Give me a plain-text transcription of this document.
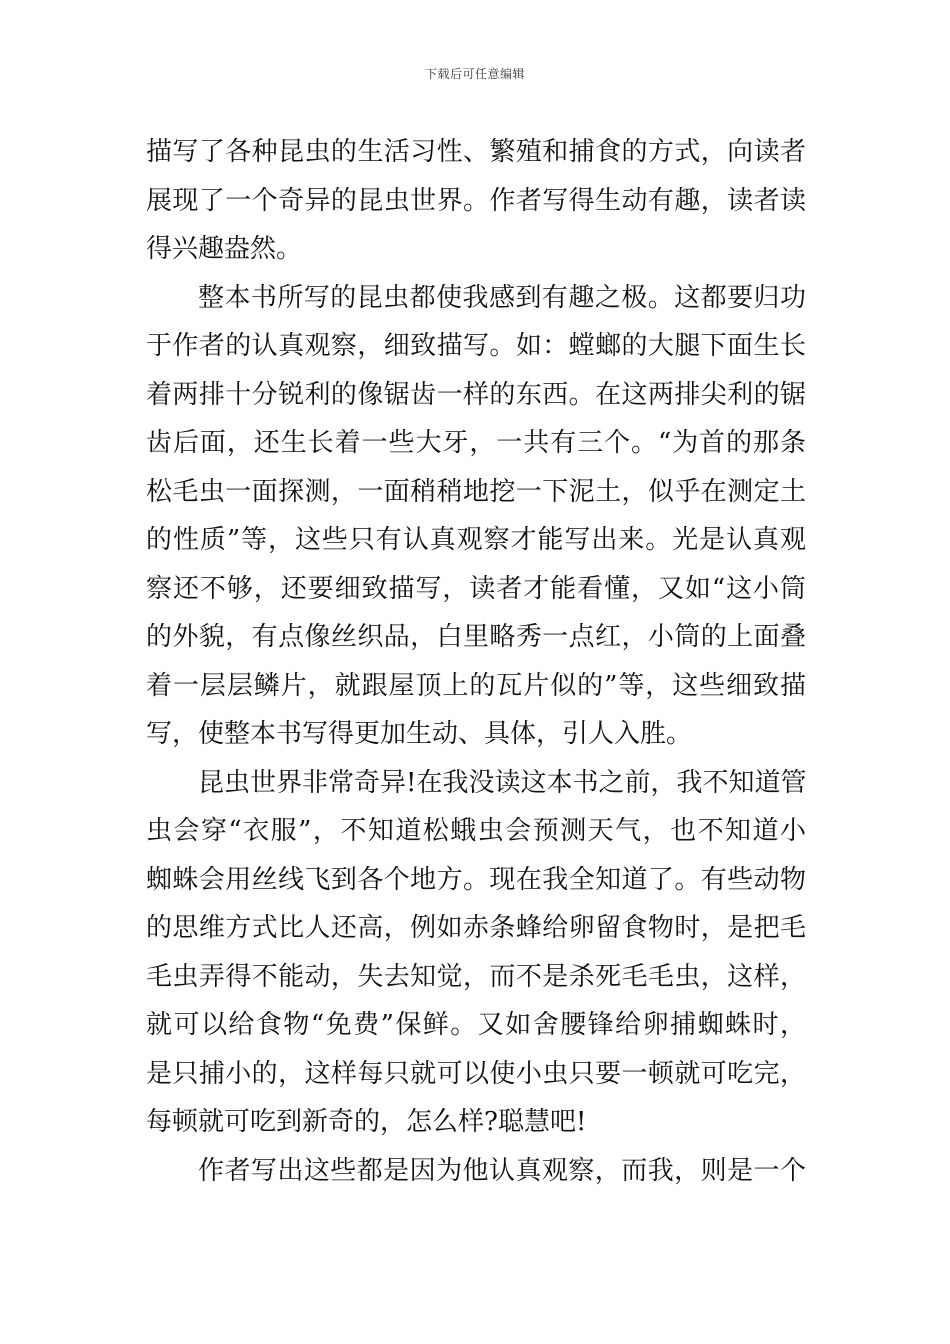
下载后可任意编辑
描写了各种昆虫的生活习性、繁殖和捕食的方式，向读者
展现了一个奇异的昆虫世界。作者写得生动有趣，读者读
得兴趣盎然。
整本书所写的昆虫都使我感到有趣之极。这都要归功
于作者的认真观察，细致描写。如：螳螂的大腿下面生长
着两排十分锐利的像锯齿一样的东西。在这两排尖利的锯
齿后面，还生长着一些大牙，一共有三个。“为首的那条
松毛虫一面探测，一面稍稍地挖一下泥土，似乎在测定土
的性质”等，这些只有认真观察才能写出来。光是认真观
察还不够，还要细致描写，读者才能看懂，又如“这小筒
的外貌，有点像丝织品，白里略秀一点红，小筒的上面叠
着一层层鳞片，就跟屋顶上的瓦片似的”等，这些细致描
写，使整本书写得更加生动、具体，引人入胜。
昆虫世界非常奇异!在我没读这本书之前，我不知道管
虫会穿“衣服”，不知道松蛾虫会预测天气，也不知道小
蜘蛛会用丝线飞到各个地方。现在我全知道了。有些动物
的思维方式比人还高，例如赤条蜂给卵留食物时，是把毛
毛虫弄得不能动，失去知觉，而不是杀死毛毛虫，这样，
就可以给食物“免费”保鲜。又如舍腰锋给卵捕蜘蛛时，
是只捕小的，这样每只就可以使小虫只要一顿就可吃完，
每顿就可吃到新奇的，怎么样?聪慧吧!
作者写出这些都是因为他认真观察，而我，则是一个
